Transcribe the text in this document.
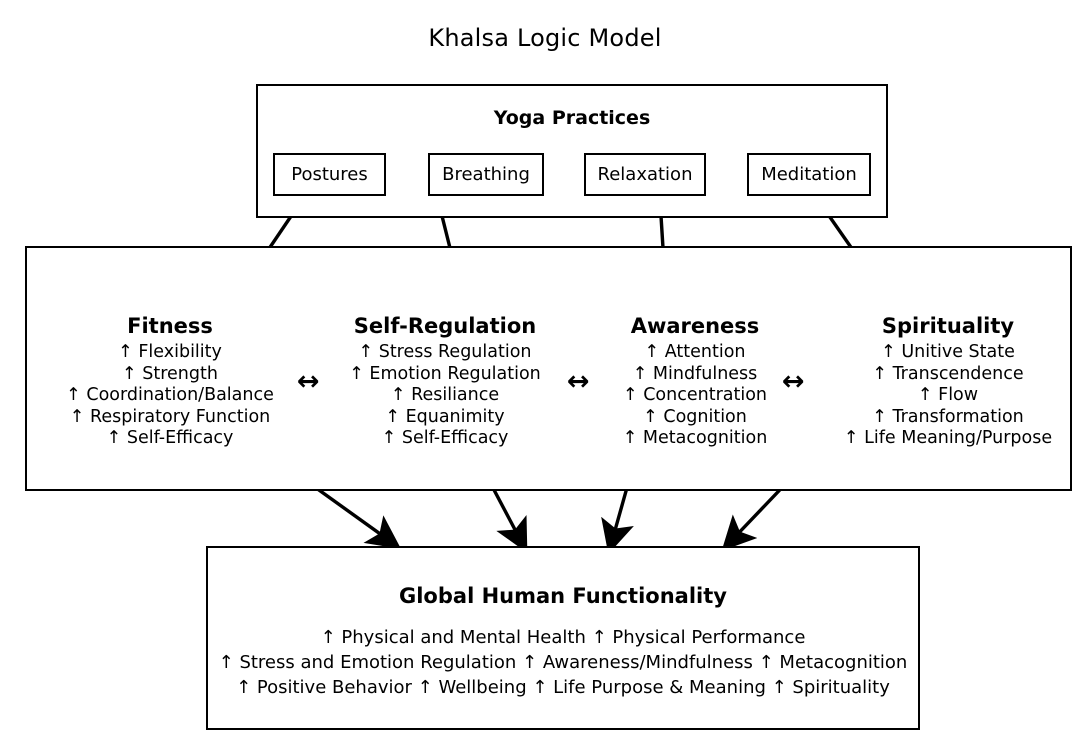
Khalsa Logic Model
Yoga Practices
Postures	Breathing	Relaxation	Meditation
Fitness
↑ Flexibility
↑ Strength
↑ Coordination/Balance
↑ Respiratory Function
↑ Self-Efficacy
Self-Regulation
↑ Stress Regulation
↑ Emotion Regulation
↑ Resiliance
↑ Equanimity
↑ Self-Efficacy
Awareness
↑ Attention
↑ Mindfulness
↑ Concentration
↑ Cognition
↑ Metacognition
Spirituality
↑ Unitive State
↑ Transcendence
↑ Flow
↑ Transformation
↑ Life Meaning/Purpose
↔	↔	↔
Global Human Functionality
↑ Physical and Mental Health ↑ Physical Performance
↑ Stress and Emotion Regulation ↑ Awareness/Mindfulness ↑ Metacognition
↑ Positive Behavior ↑ Wellbeing ↑ Life Purpose & Meaning ↑ Spirituality
